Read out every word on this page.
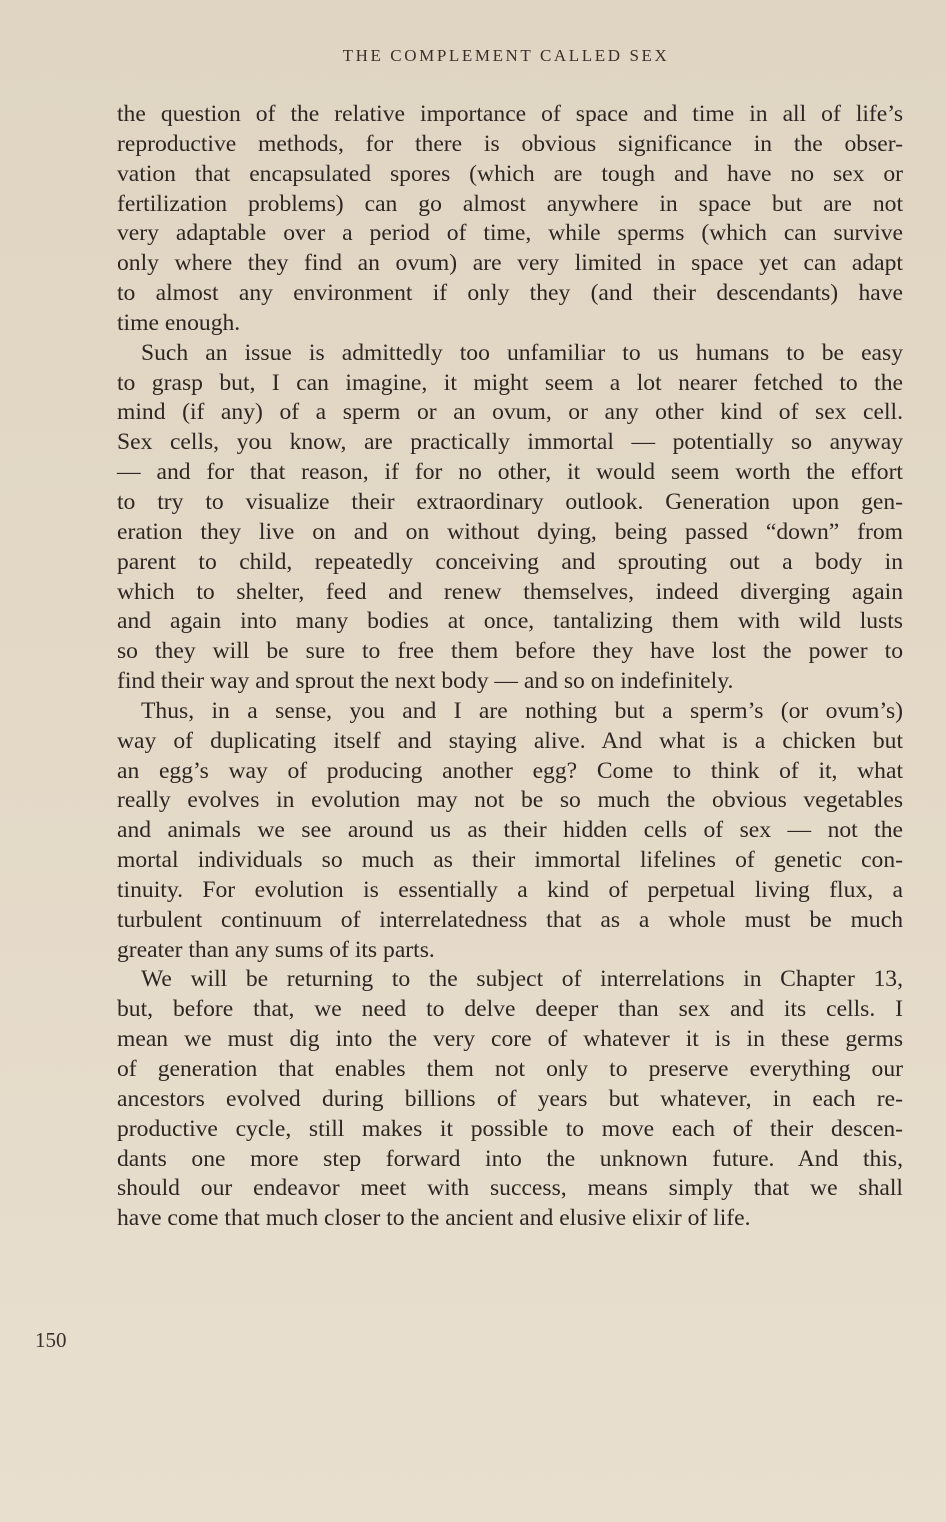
THE COMPLEMENT CALLED SEX
the question of the relative importance of space and time in all of life’s
reproductive methods, for there is obvious significance in the obser-
vation that encapsulated spores (which are tough and have no sex or
fertilization problems) can go almost anywhere in space but are not
very adaptable over a period of time, while sperms (which can survive
only where they find an ovum) are very limited in space yet can adapt
to almost any environment if only they (and their descendants) have
time enough.
Such an issue is admittedly too unfamiliar to us humans to be easy
to grasp but, I can imagine, it might seem a lot nearer fetched to the
mind (if any) of a sperm or an ovum, or any other kind of sex cell.
Sex cells, you know, are practically immortal — potentially so anyway
— and for that reason, if for no other, it would seem worth the effort
to try to visualize their extraordinary outlook. Generation upon gen-
eration they live on and on without dying, being passed “down” from
parent to child, repeatedly conceiving and sprouting out a body in
which to shelter, feed and renew themselves, indeed diverging again
and again into many bodies at once, tantalizing them with wild lusts
so they will be sure to free them before they have lost the power to
find their way and sprout the next body — and so on indefinitely.
Thus, in a sense, you and I are nothing but a sperm’s (or ovum’s)
way of duplicating itself and staying alive. And what is a chicken but
an egg’s way of producing another egg? Come to think of it, what
really evolves in evolution may not be so much the obvious vegetables
and animals we see around us as their hidden cells of sex — not the
mortal individuals so much as their immortal lifelines of genetic con-
tinuity. For evolution is essentially a kind of perpetual living flux, a
turbulent continuum of interrelatedness that as a whole must be much
greater than any sums of its parts.
We will be returning to the subject of interrelations in Chapter 13,
but, before that, we need to delve deeper than sex and its cells. I
mean we must dig into the very core of whatever it is in these germs
of generation that enables them not only to preserve everything our
ancestors evolved during billions of years but whatever, in each re-
productive cycle, still makes it possible to move each of their descen-
dants one more step forward into the unknown future. And this,
should our endeavor meet with success, means simply that we shall
have come that much closer to the ancient and elusive elixir of life.
150
